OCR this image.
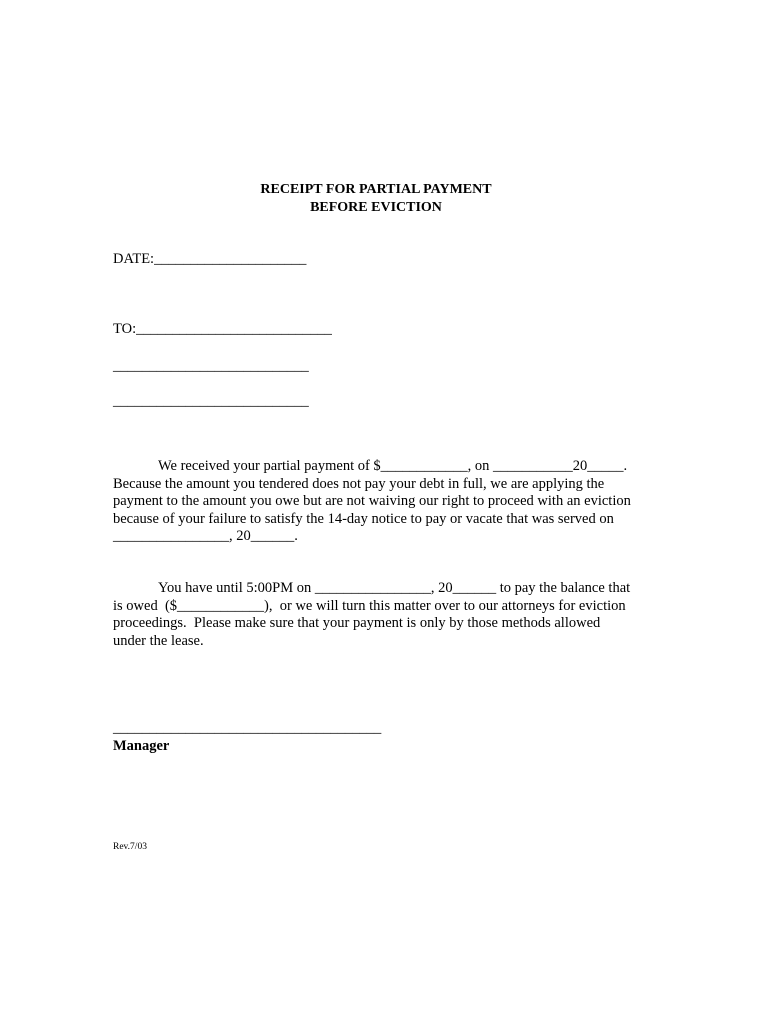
RECEIPT FOR PARTIAL PAYMENT
BEFORE EVICTION
DATE:_____________________
TO:___________________________
___________________________
___________________________
We received your partial payment of $____________, on ___________20_____.
Because the amount you tendered does not pay your debt in full, we are applying the
payment to the amount you owe but are not waiving our right to proceed with an eviction
because of your failure to satisfy the 14-day notice to pay or vacate that was served on
________________, 20______.
You have until 5:00PM on ________________, 20______ to pay the balance that
is owed  ($____________),  or we will turn this matter over to our attorneys for eviction
proceedings.  Please make sure that your payment is only by those methods allowed
under the lease.
_____________________________________
Manager
Rev.7/03
